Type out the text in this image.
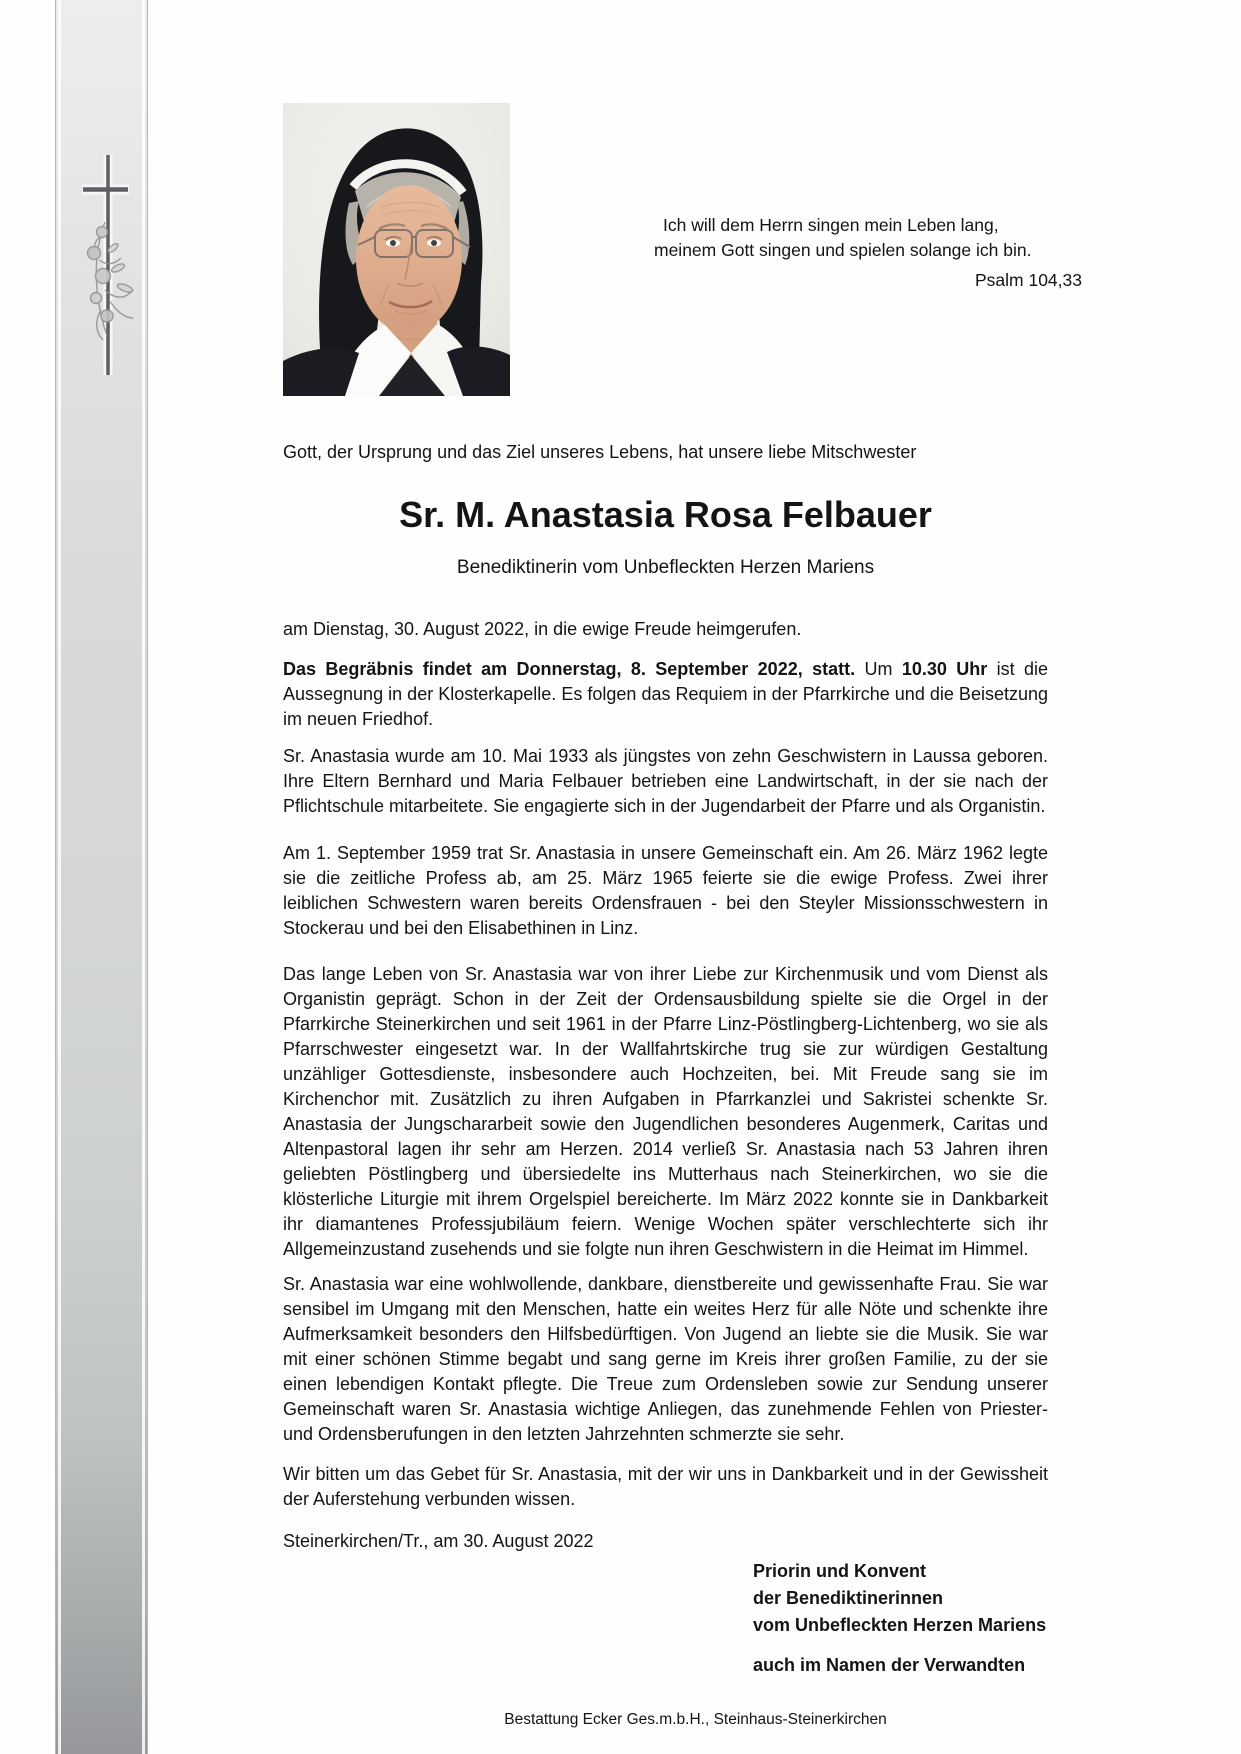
Ich will dem Herrn singen mein Leben lang,
meinem Gott singen und spielen solange ich bin.
Psalm 104,33
Gott, der Ursprung und das Ziel unseres Lebens, hat unsere liebe Mitschwester
Sr. M. Anastasia Rosa Felbauer
Benediktinerin vom Unbefleckten Herzen Mariens
am Dienstag, 30. August 2022, in die ewige Freude heimgerufen.

Das Begräbnis findet am Donnerstag, 8. September 2022, statt. Um 10.30 Uhr ist die Aussegnung in der Klosterkapelle. Es folgen das Requiem in der Pfarrkirche und die Beisetzung im neuen Friedhof.

Sr. Anastasia wurde am 10. Mai 1933 als jüngstes von zehn Geschwistern in Laussa geboren. Ihre Eltern Bernhard und Maria Felbauer betrieben eine Landwirtschaft, in der sie nach der Pflichtschule mitarbeitete. Sie engagierte sich in der Jugendarbeit der Pfarre und als Organistin.

Am 1. September 1959 trat Sr. Anastasia in unsere Gemeinschaft ein. Am 26. März 1962 legte sie die zeitliche Profess ab, am 25. März 1965 feierte sie die ewige Profess. Zwei ihrer leiblichen Schwestern waren bereits Ordensfrauen - bei den Steyler Missionsschwestern in Stockerau und bei den Elisabethinen in Linz.

Das lange Leben von Sr. Anastasia war von ihrer Liebe zur Kirchenmusik und vom Dienst als Organistin geprägt. Schon in der Zeit der Ordensausbildung spielte sie die Orgel in der Pfarrkirche Steinerkirchen und seit 1961 in der Pfarre Linz-Pöstlingberg-Lichtenberg, wo sie als Pfarrschwester eingesetzt war. In der Wallfahrtskirche trug sie zur würdigen Gestaltung unzähliger Gottesdienste, insbesondere auch Hochzeiten, bei. Mit Freude sang sie im Kirchenchor mit. Zusätzlich zu ihren Aufgaben in Pfarrkanzlei und Sakristei schenkte Sr. Anastasia der Jungschararbeit sowie den Jugendlichen besonderes Augenmerk, Caritas und Altenpastoral lagen ihr sehr am Herzen. 2014 verließ Sr. Anastasia nach 53 Jahren ihren geliebten Pöstlingberg und übersiedelte ins Mutterhaus nach Steinerkirchen, wo sie die klösterliche Liturgie mit ihrem Orgelspiel bereicherte. Im März 2022 konnte sie in Dankbarkeit ihr diamantenes Professjubiläum feiern. Wenige Wochen später verschlechterte sich ihr Allgemeinzustand zusehends und sie folgte nun ihren Geschwistern in die Heimat im Himmel.

Sr. Anastasia war eine wohlwollende, dankbare, dienstbereite und gewissenhafte Frau. Sie war sensibel im Umgang mit den Menschen, hatte ein weites Herz für alle Nöte und schenkte ihre Aufmerksamkeit besonders den Hilfsbedürftigen. Von Jugend an liebte sie die Musik. Sie war mit einer schönen Stimme begabt und sang gerne im Kreis ihrer großen Familie, zu der sie einen lebendigen Kontakt pflegte. Die Treue zum Ordensleben sowie zur Sendung unserer Gemeinschaft waren Sr. Anastasia wichtige Anliegen, das zunehmende Fehlen von Priester- und Ordensberufungen in den letzten Jahrzehnten schmerzte sie sehr.

Wir bitten um das Gebet für Sr. Anastasia, mit der wir uns in Dankbarkeit und in der Gewissheit der Auferstehung verbunden wissen.

Steinerkirchen/Tr., am 30. August 2022
Priorin und Konvent
der Benediktinerinnen
vom Unbefleckten Herzen Mariens
auch im Namen der Verwandten
Bestattung Ecker Ges.m.b.H., Steinhaus-Steinerkirchen
